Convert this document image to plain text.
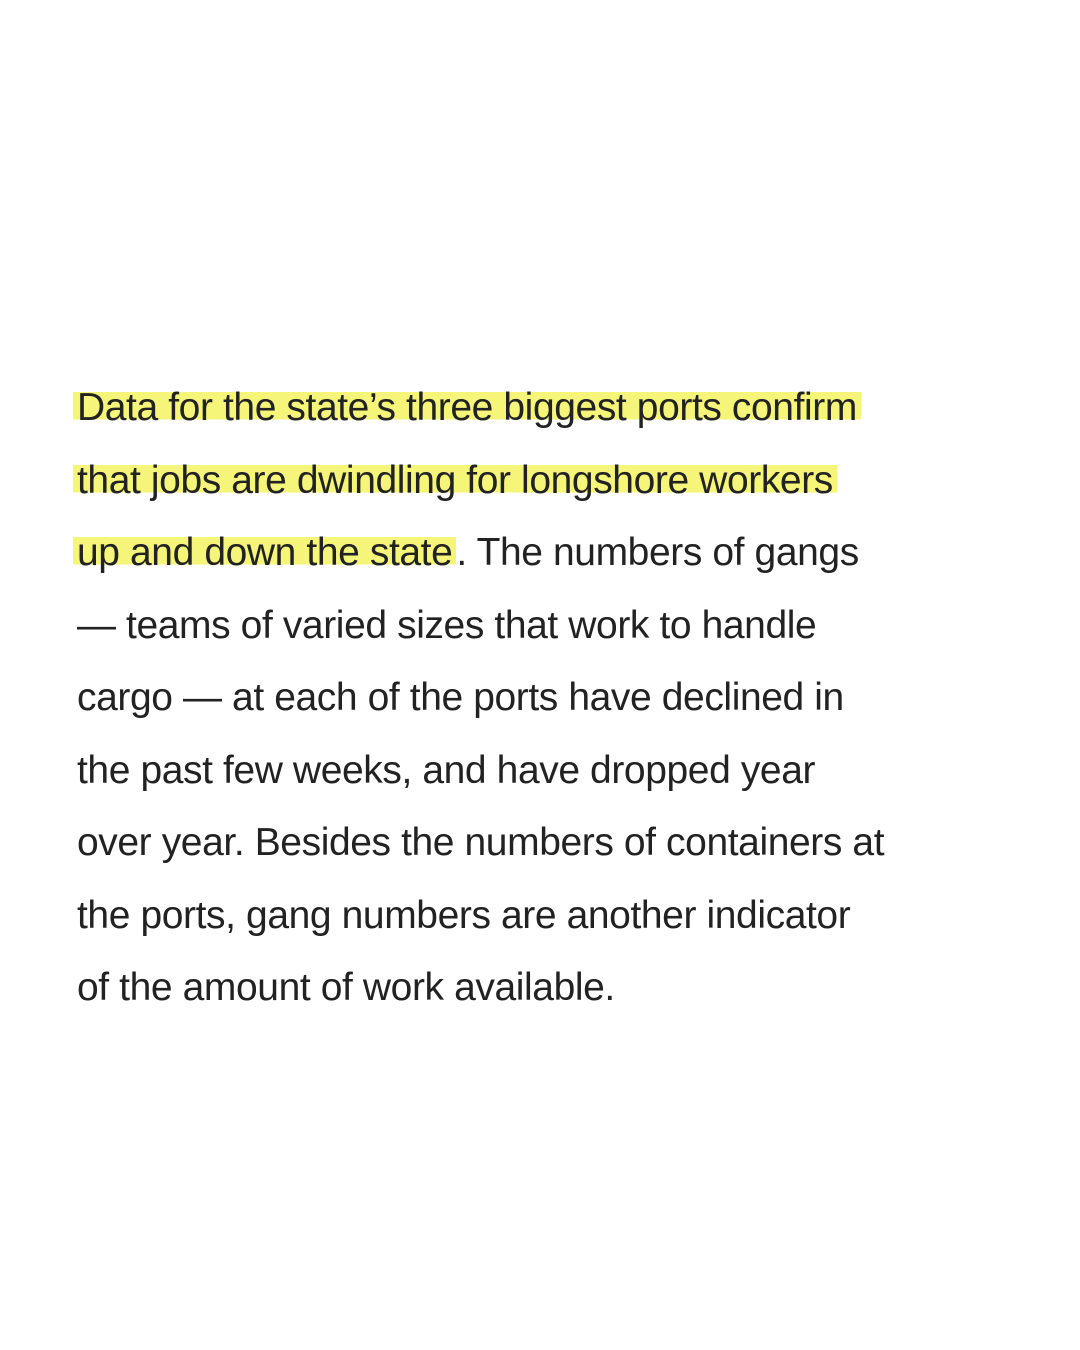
Data for the state’s three biggest ports confirm
that jobs are dwindling for longshore workers
up and down the state . The numbers of gangs
— teams of varied sizes that work to handle
cargo — at each of the ports have declined in
the past few weeks, and have dropped year
over year. Besides the numbers of containers at
the ports, gang numbers are another indicator
of the amount of work available.
